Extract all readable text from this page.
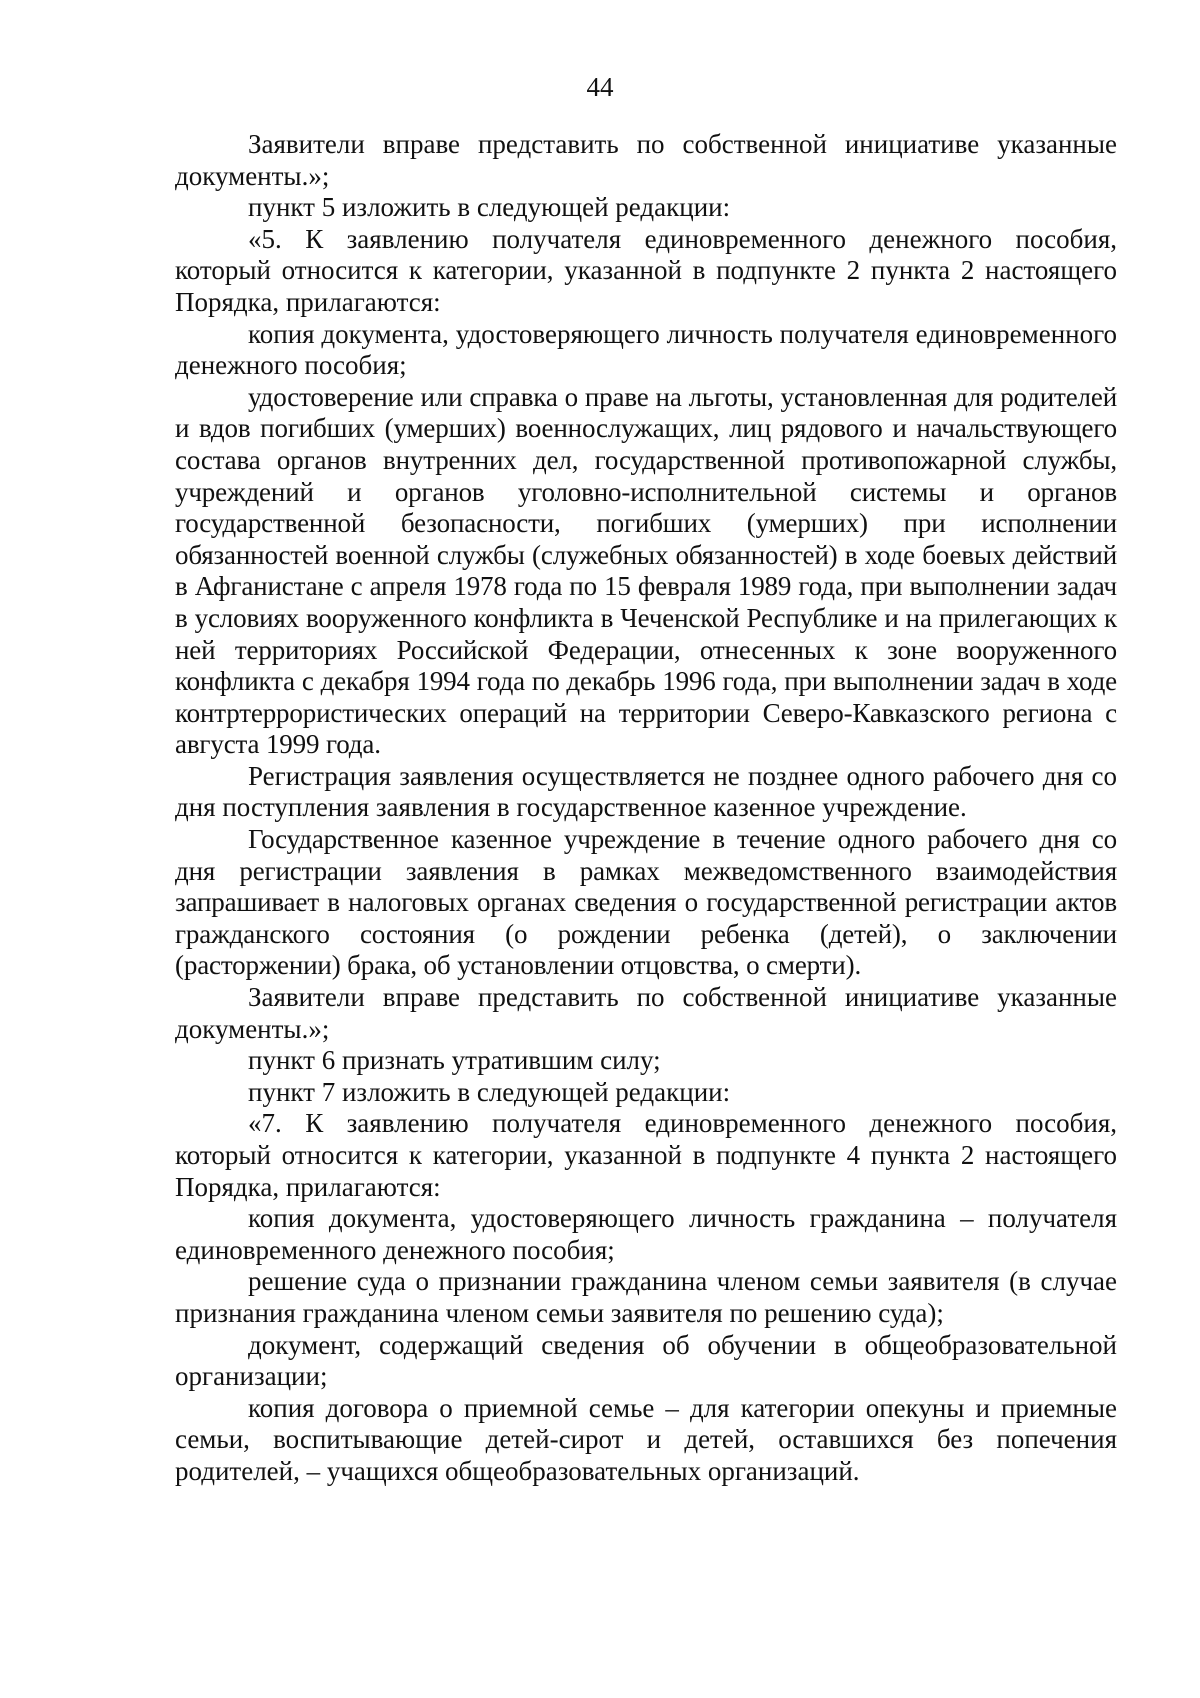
44

Заявители вправе представить по собственной инициативе указанные документы.»;

пункт 5 изложить в следующей редакции:

«5. К заявлению получателя единовременного денежного пособия, который относится к категории, указанной в подпункте 2 пункта 2 настоящего Порядка, прилагаются:

копия документа, удостоверяющего личность получателя единовременного денежного пособия;

удостоверение или справка о праве на льготы, установленная для родителей и вдов погибших (умерших) военнослужащих, лиц рядового и начальствующего состава органов внутренних дел, государственной противопожарной службы, учреждений и органов уголовно-исполнительной системы и органов государственной безопасности, погибших (умерших) при исполнении обязанностей военной службы (служебных обязанностей) в ходе боевых действий в Афганистане с апреля 1978 года по 15 февраля 1989 года, при выполнении задач в условиях вооруженного конфликта в Чеченской Республике и на прилегающих к ней территориях Российской Федерации, отнесенных к зоне вооруженного конфликта с декабря 1994 года по декабрь 1996 года, при выполнении задач в ходе контртеррористических операций на территории Северо-Кавказского региона с августа 1999 года.

Регистрация заявления осуществляется не позднее одного рабочего дня со дня поступления заявления в государственное казенное учреждение.

Государственное казенное учреждение в течение одного рабочего дня со дня регистрации заявления в рамках межведомственного взаимодействия запрашивает в налоговых органах сведения о государственной регистрации актов гражданского состояния (о рождении ребенка (детей), о заключении (расторжении) брака, об установлении отцовства, о смерти).

Заявители вправе представить по собственной инициативе указанные документы.»;

пункт 6 признать утратившим силу;

пункт 7 изложить в следующей редакции:

«7. К заявлению получателя единовременного денежного пособия, который относится к категории, указанной в подпункте 4 пункта 2 настоящего Порядка, прилагаются:

копия документа, удостоверяющего личность гражданина – получателя единовременного денежного пособия;

решение суда о признании гражданина членом семьи заявителя (в случае признания гражданина членом семьи заявителя по решению суда);

документ, содержащий сведения об обучении в общеобразовательной организации;

копия договора о приемной семье – для категории опекуны и приемные семьи, воспитывающие детей-сирот и детей, оставшихся без попечения родителей, – учащихся общеобразовательных организаций.
